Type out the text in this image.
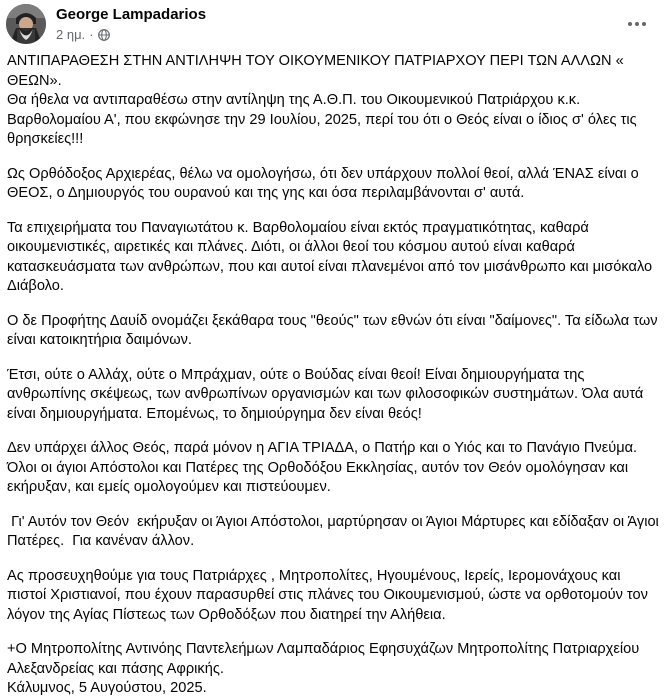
George Lampadarios
2 ημ. ·

ΑΝΤΙΠΑΡΑΘΕΣΗ ΣΤΗΝ ΑΝΤΙΛΗΨΗ ΤΟΥ ΟΙΚΟΥΜΕΝΙΚΟΥ ΠΑΤΡΙΑΡΧΟΥ ΠΕΡΙ ΤΩΝ ΑΛΛΩΝ « ΘΕΩΝ».

Θα ήθελα να αντιπαραθέσω στην αντίληψη της Α.Θ.Π. του Οικουμενικού Πατριάρχου κ.κ. Βαρθολομαίου Α', που εκφώνησε την 29 Ιουλίου, 2025, περί του ότι ο Θεός είναι ο ίδιος σ' όλες τις θρησκείες!!!

Ως Ορθόδοξος Αρχιερέας, θέλω να ομολογήσω, ότι δεν υπάρχουν πολλοί θεοί, αλλά ΈΝΑΣ είναι ο ΘΕΟΣ, ο Δημιουργός του ουρανού και της γης και όσα περιλαμβάνονται σ' αυτά.

Τα επιχειρήματα του Παναγιωτάτου κ. Βαρθολομαίου είναι εκτός πραγματικότητας, καθαρά οικουμενιστικές, αιρετικές και πλάνες. Διότι, οι άλλοι θεοί του κόσμου αυτού είναι καθαρά κατασκευάσματα των ανθρώπων, που και αυτοί είναι πλανεμένοι από τον μισάνθρωπο και μισόκαλο Διάβολο.

Ο δε Προφήτης Δαυίδ ονομάζει ξεκάθαρα τους "θεούς" των εθνών ότι είναι "δαίμονες". Τα είδωλα των είναι κατοικητήρια δαιμόνων.

Έτσι, ούτε ο Αλλάχ, ούτε ο Μπράχμαν, ούτε ο Βούδας είναι θεοί! Είναι δημιουργήματα της ανθρωπίνης σκέψεως, των ανθρωπίνων οργανισμών και των φιλοσοφικών συστημάτων. Όλα αυτά είναι δημιουργήματα. Επομένως, το δημιούργημα δεν είναι θεός!

Δεν υπάρχει άλλος Θεός, παρά μόνον η ΑΓΙΑ ΤΡΙΑΔΑ, ο Πατήρ και ο Υιός και το Πανάγιο Πνεύμα.

Όλοι οι άγιοι Απόστολοι και Πατέρες της Ορθοδόξου Εκκλησίας, αυτόν τον Θεόν ομολόγησαν και εκήρυξαν, και εμείς ομολογούμεν και πιστεύουμεν.

Γι' Αυτόν τον Θεόν  εκήρυξαν οι Άγιοι Απόστολοι, μαρτύρησαν οι Άγιοι Μάρτυρες και εδίδαξαν οι Άγιοι Πατέρες.  Για κανέναν άλλον.

Ας προσευχηθούμε για τους Πατριάρχες , Μητροπολίτες, Ηγουμένους, Ιερείς, Ιερομονάχους και πιστοί Χριστιανοί, που έχουν παρασυρθεί στις πλάνες του Οικουμενισμού, ώστε να ορθοτομούν τον λόγον της Αγίας Πίστεως των Ορθοδόξων που διατηρεί την Αλήθεια.

+Ο Μητροπολίτης Αντινόης Παντελεήμων Λαμπαδάριος Εφησυχάζων Μητροπολίτης Πατριαρχείου Αλεξανδρείας και πάσης Αφρικής.

Κάλυμνος, 5 Αυγούστου, 2025.
